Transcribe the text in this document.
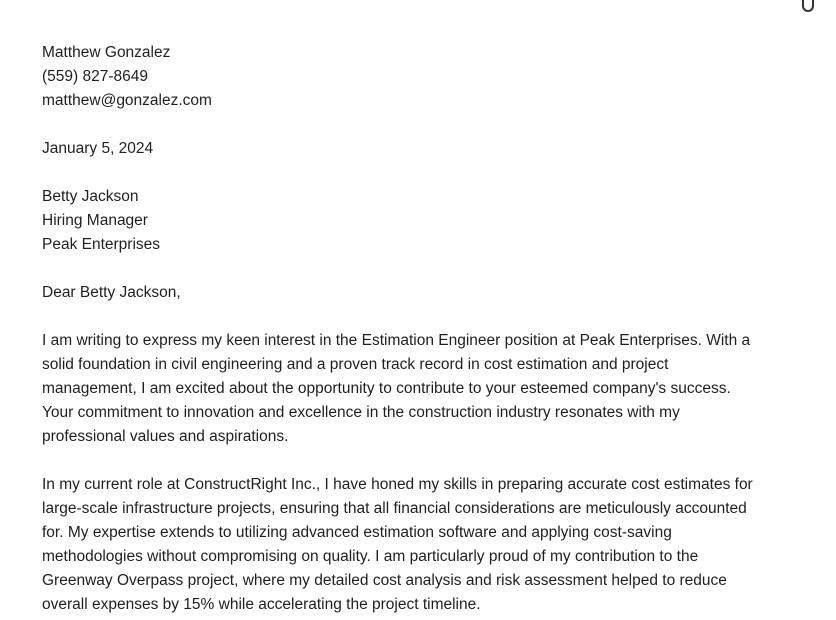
Matthew Gonzalez
(559) 827-8649
matthew@gonzalez.com
January 5, 2024
Betty Jackson
Hiring Manager
Peak Enterprises
Dear Betty Jackson,
I am writing to express my keen interest in the Estimation Engineer position at Peak Enterprises. With a
solid foundation in civil engineering and a proven track record in cost estimation and project
management, I am excited about the opportunity to contribute to your esteemed company's success.
Your commitment to innovation and excellence in the construction industry resonates with my
professional values and aspirations.
In my current role at ConstructRight Inc., I have honed my skills in preparing accurate cost estimates for
large-scale infrastructure projects, ensuring that all financial considerations are meticulously accounted
for. My expertise extends to utilizing advanced estimation software and applying cost-saving
methodologies without compromising on quality. I am particularly proud of my contribution to the
Greenway Overpass project, where my detailed cost analysis and risk assessment helped to reduce
overall expenses by 15% while accelerating the project timeline.
